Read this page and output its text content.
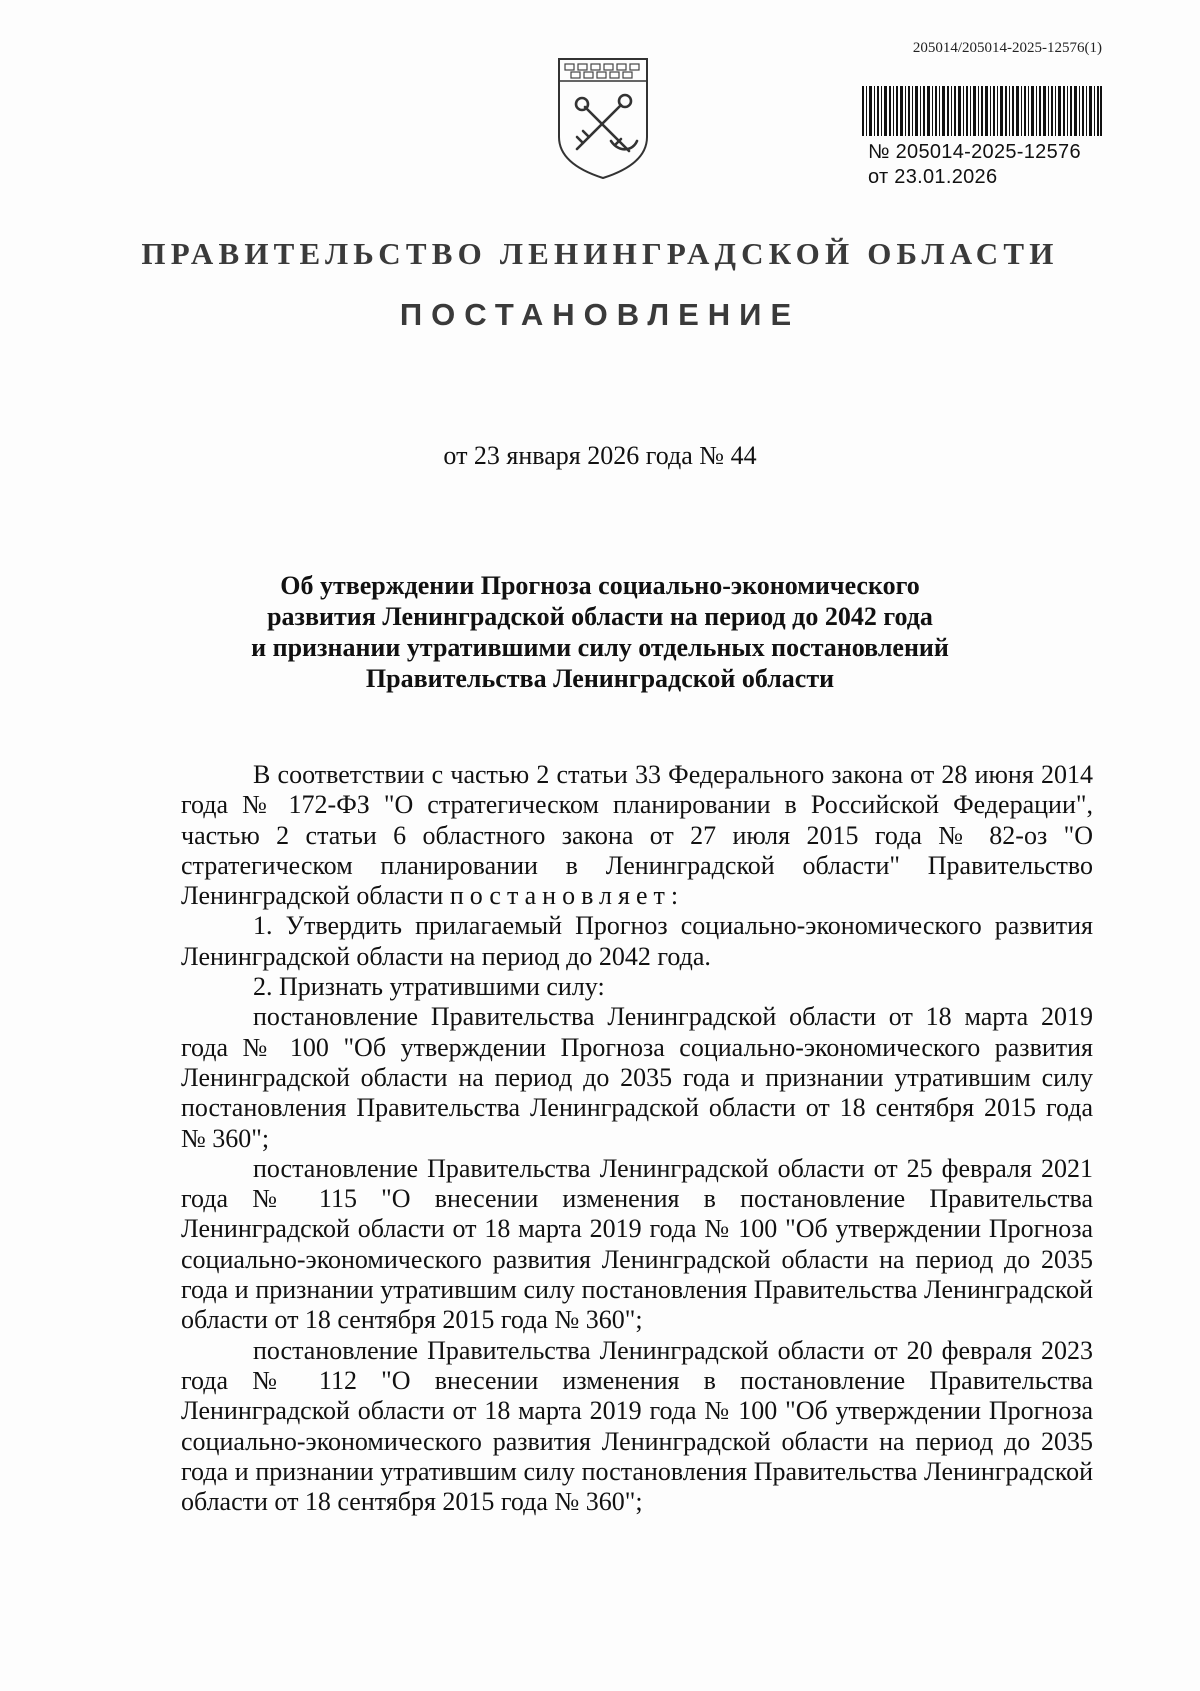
205014/205014-2025-12576(1)
№ 205014-2025-12576
от 23.01.2026
ПРАВИТЕЛЬСТВО ЛЕНИНГРАДСКОЙ ОБЛАСТИ
ПОСТАНОВЛЕНИЕ
от 23 января 2026 года № 44
Об утверждении Прогноза социально-экономического
развития Ленинградской области на период до 2042 года
и признании утратившими силу отдельных постановлений
Правительства Ленинградской области

В соответствии с частью 2 статьи 33 Федерального закона от 28 июня 2014 года № 172-ФЗ "О стратегическом планировании в Российской Федерации", частью 2 статьи 6 областного закона от 27 июля 2015 года № 82-оз "О стратегическом планировании в Ленинградской области" Правительство Ленинградской области постановляет:

1. Утвердить прилагаемый Прогноз социально-экономического развития Ленинградской области на период до 2042 года.

2. Признать утратившими силу:

постановление Правительства Ленинградской области от 18 марта 2019 года № 100 "Об утверждении Прогноза социально-экономического развития Ленинградской области на период до 2035 года и признании утратившим силу постановления Правительства Ленинградской области от 18 сентября 2015 года № 360";

постановление Правительства Ленинградской области от 25 февраля 2021 года № 115 "О внесении изменения в постановление Правительства Ленинградской области от 18 марта 2019 года № 100 "Об утверждении Прогноза социально-экономического развития Ленинградской области на период до 2035 года и признании утратившим силу постановления Правительства Ленинградской области от 18 сентября 2015 года № 360";

постановление Правительства Ленинградской области от 20 февраля 2023 года № 112 "О внесении изменения в постановление Правительства Ленинградской области от 18 марта 2019 года № 100 "Об утверждении Прогноза социально-экономического развития Ленинградской области на период до 2035 года и признании утратившим силу постановления Правительства Ленинградской области от 18 сентября 2015 года № 360";
